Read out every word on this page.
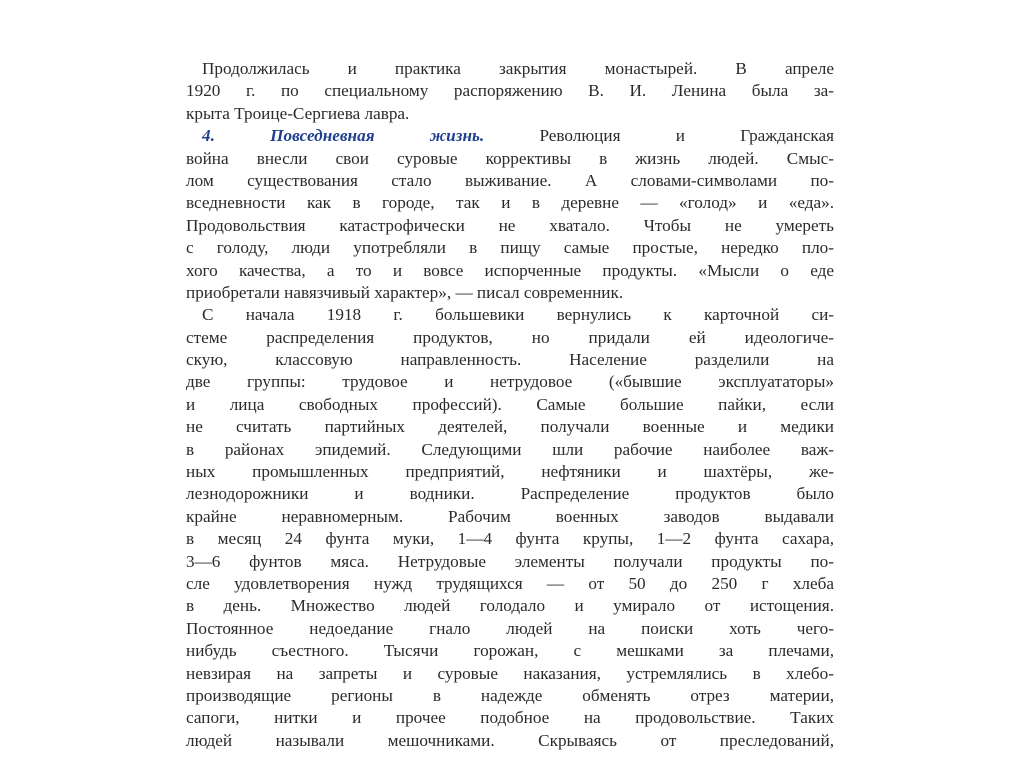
Продолжилась и практика закрытия монастырей. В апреле
1920 г. по специальному распоряжению В. И. Ленина была за-
крыта Троице-Сергиева лавра.
4. Повседневная жизнь.	Революция и Гражданская
война внесли свои суровые коррективы в жизнь людей. Смыс-
лом существования стало выживание. А словами-символами по-
вседневности как в городе, так и в деревне — «голод» и «еда».
Продовольствия катастрофически не хватало. Чтобы не умереть
с голоду, люди употребляли в пищу самые простые, нередко пло-
хого качества, а то и вовсе испорченные продукты. «Мысли о еде
приобретали навязчивый характер», — писал современник.
С начала 1918 г. большевики вернулись к карточной си-
стеме распределения продуктов, но придали ей идеологиче-
скую, классовую направленность. Население разделили на
две группы: трудовое и нетрудовое («бывшие эксплуататоры»
и лица свободных профессий). Самые большие пайки, если
не считать партийных деятелей, получали военные и медики
в районах эпидемий. Следующими шли рабочие наиболее важ-
ных промышленных предприятий, нефтяники и шахтёры, же-
лезнодорожники и водники. Распределение продуктов было
крайне неравномерным. Рабочим военных заводов выдавали
в месяц 24 фунта муки, 1—4 фунта крупы, 1—2 фунта сахара,
3—6 фунтов мяса. Нетрудовые элементы получали продукты по-
сле удовлетворения нужд трудящихся — от 50 до 250 г хлеба
в день. Множество людей голодало и умирало от истощения.
Постоянное недоедание гнало людей на поиски хоть чего-
нибудь съестного. Тысячи горожан, с мешками за плечами,
невзирая на запреты и суровые наказания, устремлялись в хлебо-
производящие регионы в надежде обменять отрез материи,
сапоги, нитки и прочее подобное на продовольствие. Таких
людей называли мешочниками. Скрываясь от преследований,
